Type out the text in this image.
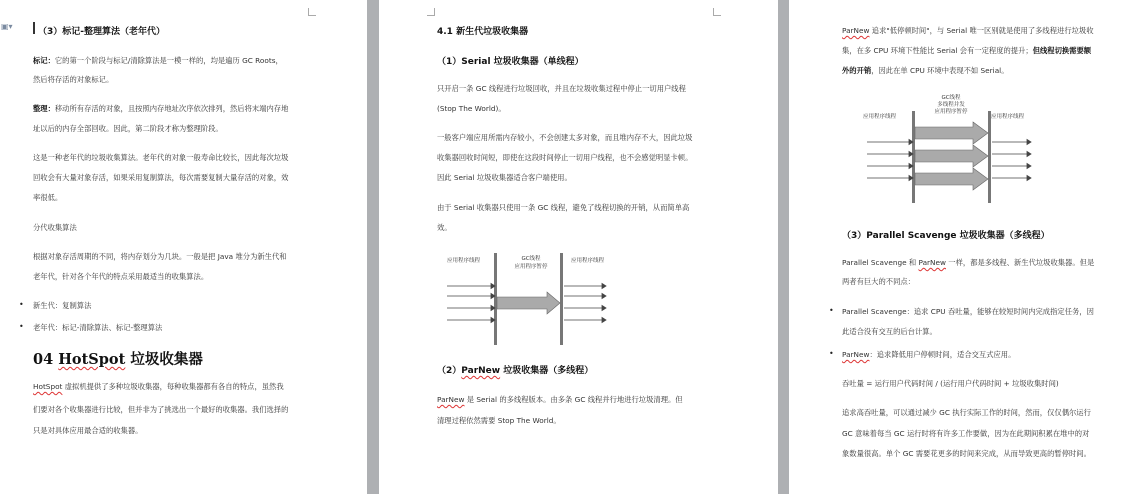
▣▾
（3）标记-整理算法（老年代）
标记：它的第一个阶段与标记/清除算法是一模一样的，均是遍历 GC Roots，
然后将存活的对象标记。
整理：移动所有存活的对象，且按照内存地址次序依次排列，然后将末端内存地
址以后的内存全部回收。因此，第二阶段才称为整理阶段。
这是一种老年代的垃圾收集算法。老年代的对象一般寿命比较长，因此每次垃圾
回收会有大量对象存活，如果采用复制算法，每次需要复制大量存活的对象，效
率很低。
分代收集算法
根据对象存活周期的不同，将内存划分为几块。一般是把 Java 堆分为新生代和
老年代，针对各个年代的特点采用最适当的收集算法。
• 新生代：复制算法
• 老年代：标记-清除算法、标记-整理算法
04 HotSpot 垃圾收集器
HotSpot 虚拟机提供了多种垃圾收集器，每种收集器都有各自的特点，虽然我
们要对各个收集器进行比较，但并非为了挑选出一个最好的收集器。我们选择的
只是对具体应用最合适的收集器。
4.1 新生代垃圾收集器
（1）Serial 垃圾收集器（单线程）
只开启一条 GC 线程进行垃圾回收，并且在垃圾收集过程中停止一切用户线程
(Stop The World)。
一般客户端应用所需内存较小，不会创建太多对象，而且堆内存不大，因此垃圾
收集器回收时间短，即使在这段时间停止一切用户线程，也不会感觉明显卡顿。
因此 Serial 垃圾收集器适合客户端使用。
由于 Serial 收集器只使用一条 GC 线程，避免了线程切换的开销，从而简单高
效。
应用程序线程	GC线程
应用程序暂停
应用程序线程
（2）ParNew 垃圾收集器（多线程）
ParNew 是 Serial 的多线程版本。由多条 GC 线程并行地进行垃圾清理。但
清理过程依然需要 Stop The World。
ParNew 追求"低停顿时间"，与 Serial 唯一区别就是使用了多线程进行垃圾收
集，在多 CPU 环境下性能比 Serial 会有一定程度的提升；但线程切换需要额
外的开销，因此在单 CPU 环境中表现不如 Serial。
GC线程
多线程并发
应用程序暂停
应用程序线程	应用程序线程
（3）Parallel Scavenge 垃圾收集器（多线程）
Parallel Scavenge 和 ParNew 一样，都是多线程、新生代垃圾收集器。但是
两者有巨大的不同点：
• Parallel Scavenge：追求 CPU 吞吐量，能够在较短时间内完成指定任务，因
此适合没有交互的后台计算。
• ParNew：追求降低用户停顿时间，适合交互式应用。
吞吐量 = 运行用户代码时间 / (运行用户代码时间 + 垃圾收集时间)
追求高吞吐量，可以通过减少 GC 执行实际工作的时间，然而，仅仅偶尔运行
GC 意味着每当 GC 运行时将有许多工作要做，因为在此期间积累在堆中的对
象数量很高。单个 GC 需要花更多的时间来完成，从而导致更高的暂停时间。
